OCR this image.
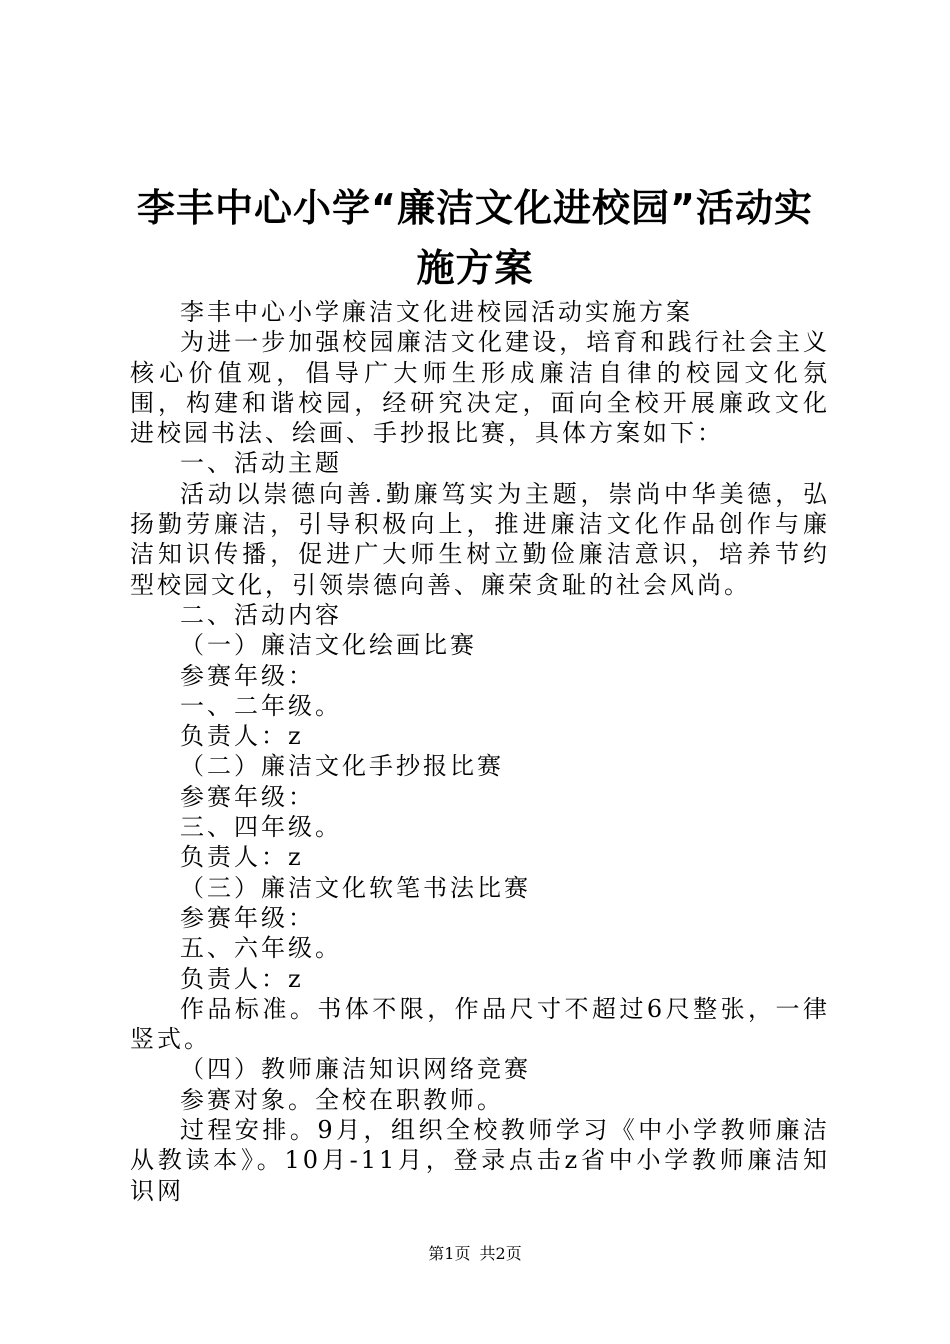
李丰中心小学“廉洁文化进校园”活动实施方案

李丰中心小学廉洁文化进校园活动实施方案

为进一步加强校园廉洁文化建设，培育和践行社会主义核心价值观，倡导广大师生形成廉洁自律的校园文化氛围，构建和谐校园，经研究决定，面向全校开展廉政文化进校园书法、绘画、手抄报比赛，具体方案如下：

一、活动主题

活动以崇德向善.勤廉笃实为主题，崇尚中华美德，弘扬勤劳廉洁，引导积极向上，推进廉洁文化作品创作与廉洁知识传播，促进广大师生树立勤俭廉洁意识，培养节约型校园文化，引领崇德向善、廉荣贪耻的社会风尚。

二、活动内容

（一）廉洁文化绘画比赛

参赛年级：

一、二年级。

负责人：z

（二）廉洁文化手抄报比赛

参赛年级：

三、四年级。

负责人：z

（三）廉洁文化软笔书法比赛

参赛年级：

五、六年级。

负责人：z

作品标准。书体不限，作品尺寸不超过6尺整张，一律竖式。

（四）教师廉洁知识网络竞赛

参赛对象。全校在职教师。

过程安排。9月，组织全校教师学习《中小学教师廉洁从教读本》。10月-11月，登录点击z省中小学教师廉洁知识网

第1页 共2页
